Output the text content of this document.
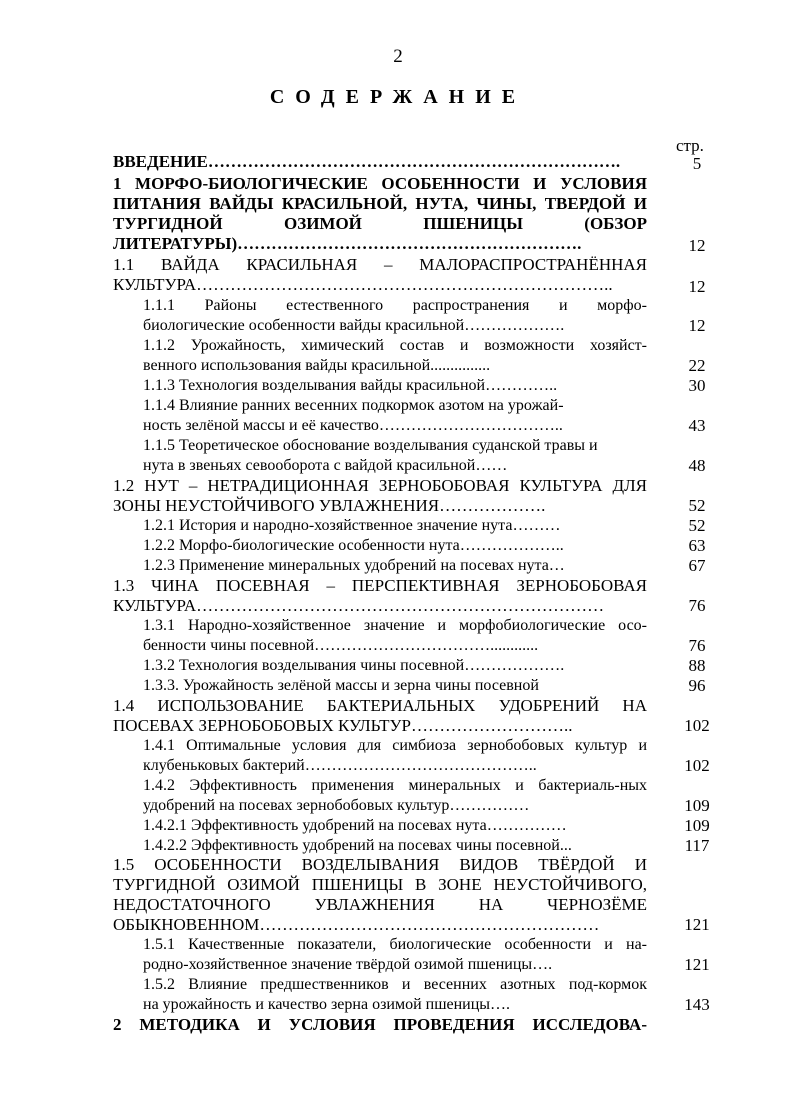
2
СОДЕРЖАНИЕ
стр.
ВВЕДЕНИЕ……………………………………………………………….	5
1 МОРФО-БИОЛОГИЧЕСКИЕ ОСОБЕННОСТИ И УСЛОВИЯ
ПИТАНИЯ ВАЙДЫ КРАСИЛЬНОЙ, НУТА, ЧИНЫ, ТВЕРДОЙ И
ТУРГИДНОЙ ОЗИМОЙ ПШЕНИЦЫ (ОБЗОР
ЛИТЕРАТУРЫ)…………………………………………………….	12
1.1 ВАЙДА КРАСИЛЬНАЯ – МАЛОРАСПРОСТРАНЁННАЯ
КУЛЬТУРА………………………………………………………………..	12
1.1.1 Районы естественного распространения и морфо-
биологические особенности вайды красильной……………….	12
1.1.2 Урожайность, химический состав и возможности хозяйст-
венного использования вайды красильной...............	22
1.1.3 Технология возделывания вайды красильной…………..	30
1.1.4 Влияние ранних весенних подкормок азотом на урожай-
ность зелёной массы и её качество……………………………..	43
1.1.5 Теоретическое обоснование возделывания суданской травы и
нута в звеньях севооборота с вайдой красильной……	48
1.2 НУТ – НЕТРАДИЦИОННАЯ ЗЕРНОБОБОВАЯ КУЛЬТУРА ДЛЯ
ЗОНЫ НЕУСТОЙЧИВОГО УВЛАЖНЕНИЯ……………….	52
1.2.1 История и народно-хозяйственное значение нута………	52
1.2.2 Морфо-биологические особенности нута………………..	63
1.2.3 Применение минеральных удобрений на посевах нута…	67
1.3 ЧИНА ПОСЕВНАЯ – ПЕРСПЕКТИВНАЯ ЗЕРНОБОБОВАЯ
КУЛЬТУРА………………………………………………………………	76
1.3.1 Народно-хозяйственное значение и морфобиологические осо-
бенности чины посевной……………………………............	76
1.3.2 Технология возделывания чины посевной……………….	88
1.3.3. Урожайность зелёной массы и зерна чины посевной	96
1.4 ИСПОЛЬЗОВАНИЕ БАКТЕРИАЛЬНЫХ УДОБРЕНИЙ НА
ПОСЕВАХ ЗЕРНОБОБОВЫХ КУЛЬТУР………………………..	102
1.4.1 Оптимальные условия для симбиоза зернобобовых культур и
клубеньковых бактерий……………………………………..	102
1.4.2 Эффективность применения минеральных и бактериаль-ных
удобрений на посевах зернобобовых культур……………	109
1.4.2.1 Эффективность удобрений на посевах нута……………	109
1.4.2.2 Эффективность удобрений на посевах чины посевной...	117
1.5 ОСОБЕННОСТИ ВОЗДЕЛЫВАНИЯ ВИДОВ ТВЁРДОЙ И
ТУРГИДНОЙ ОЗИМОЙ ПШЕНИЦЫ В ЗОНЕ НЕУСТОЙЧИВОГО,
НЕДОСТАТОЧНОГО УВЛАЖНЕНИЯ НА ЧЕРНОЗЁМЕ
ОБЫКНОВЕННОМ……………………………………………………	121
1.5.1 Качественные показатели, биологические особенности и на-
родно-хозяйственное значение твёрдой озимой пшеницы….	121
1.5.2 Влияние предшественников и весенних азотных под-кормок
на урожайность и качество зерна озимой пшеницы….	143
2 МЕТОДИКА И УСЛОВИЯ ПРОВЕДЕНИЯ ИССЛЕДОВА-
